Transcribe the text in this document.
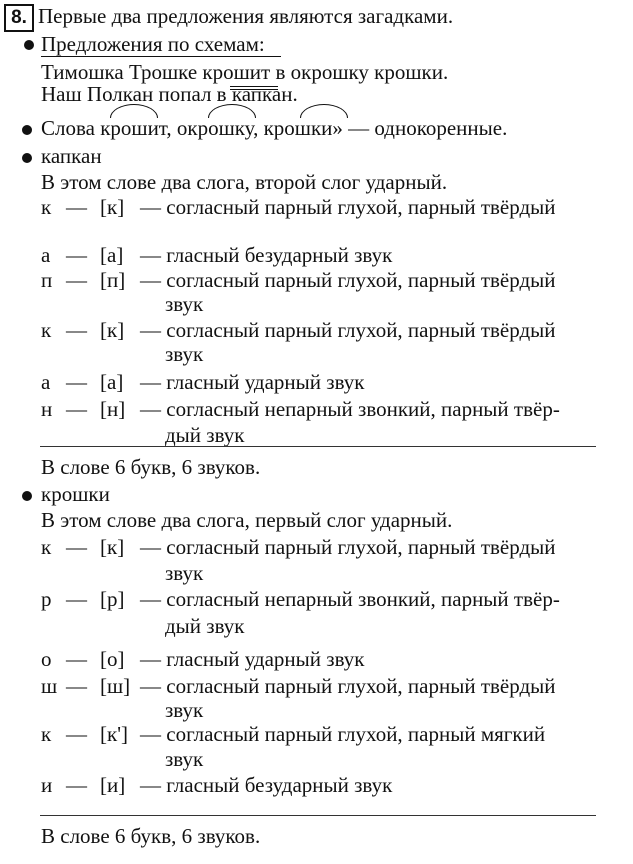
8. Первые два предложения являются загадками.
Предложения по схемам:
Тимошка Трошке крошит в окрошку крошки.
Наш Полкан попал в капкан.
Слова крошит, окрошку, крошки» — однокоренные.
капкан
В этом слове два слога, второй слог ударный.
к — [к] — согласный парный глухой, парный твёрдый
а — [а] — гласный безударный звук
п — [п] — согласный парный глухой, парный твёрдый
звук
к — [к] — согласный парный глухой, парный твёрдый
звук
а — [а] — гласный ударный звук
н — [н] — согласный непарный звонкий, парный твёр-
дый звук
В слове 6 букв, 6 звуков.
крошки
В этом слове два слога, первый слог ударный.
к — [к] — согласный парный глухой, парный твёрдый
звук
р — [р] — согласный непарный звонкий, парный твёр-
дый звук
о — [о] — гласный ударный звук
ш — [ш] — согласный парный глухой, парный твёрдый
звук
к — [к'] — согласный парный глухой, парный мягкий
звук
и — [и] — гласный безударный звук
В слове 6 букв, 6 звуков.
